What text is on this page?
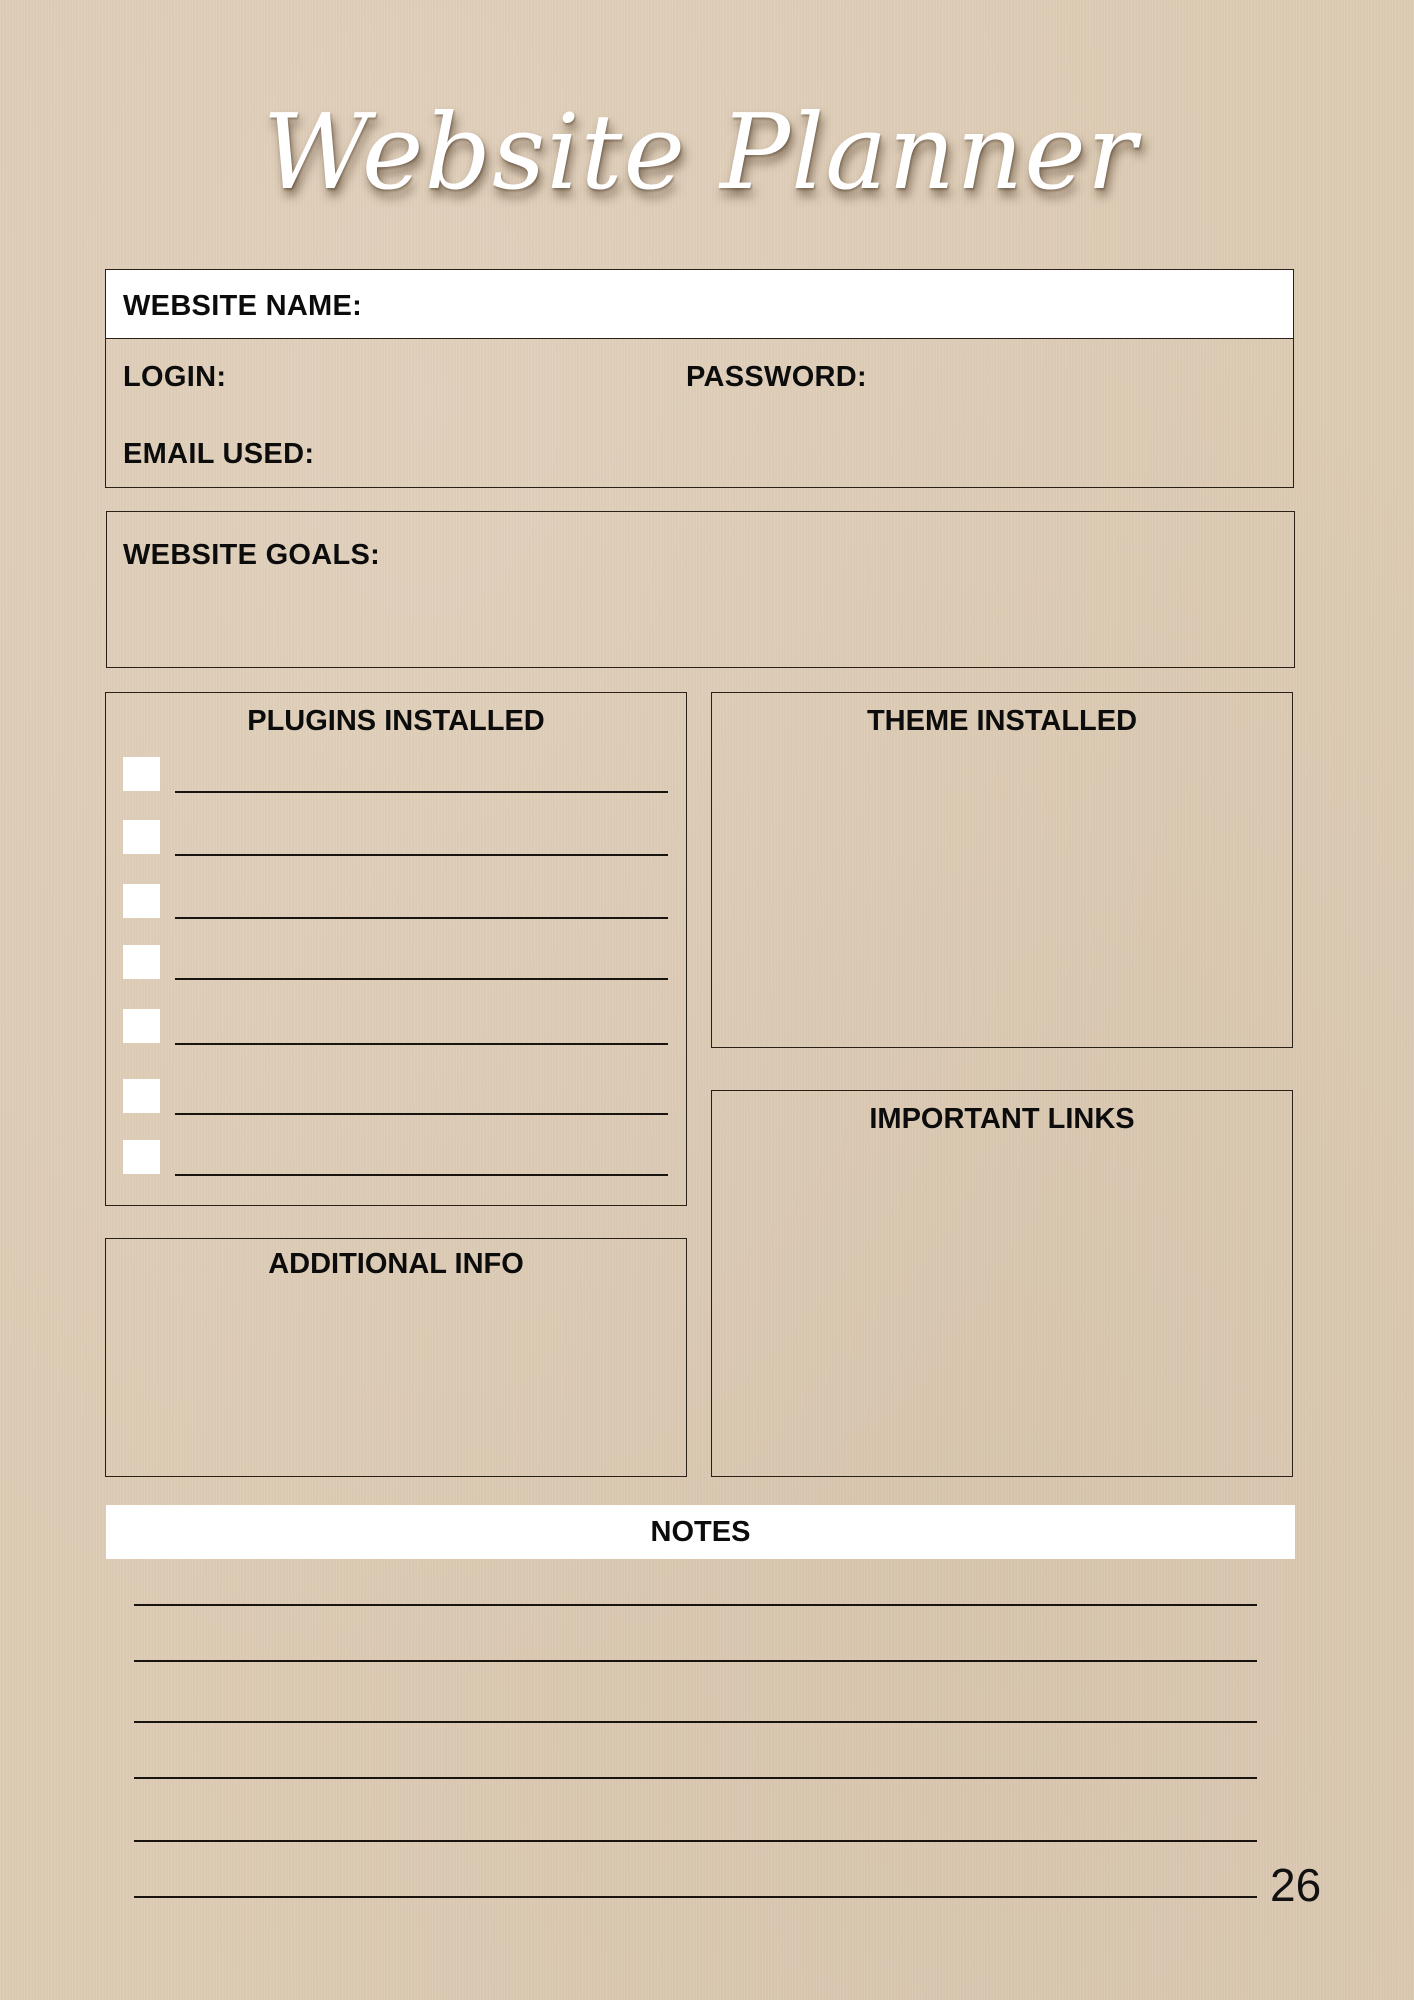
Website Planner
WEBSITE NAME:
LOGIN:	PASSWORD:
EMAIL USED:
WEBSITE GOALS:
PLUGINS INSTALLED	THEME INSTALLED
IMPORTANT LINKS
ADDITIONAL INFO
NOTES
26
